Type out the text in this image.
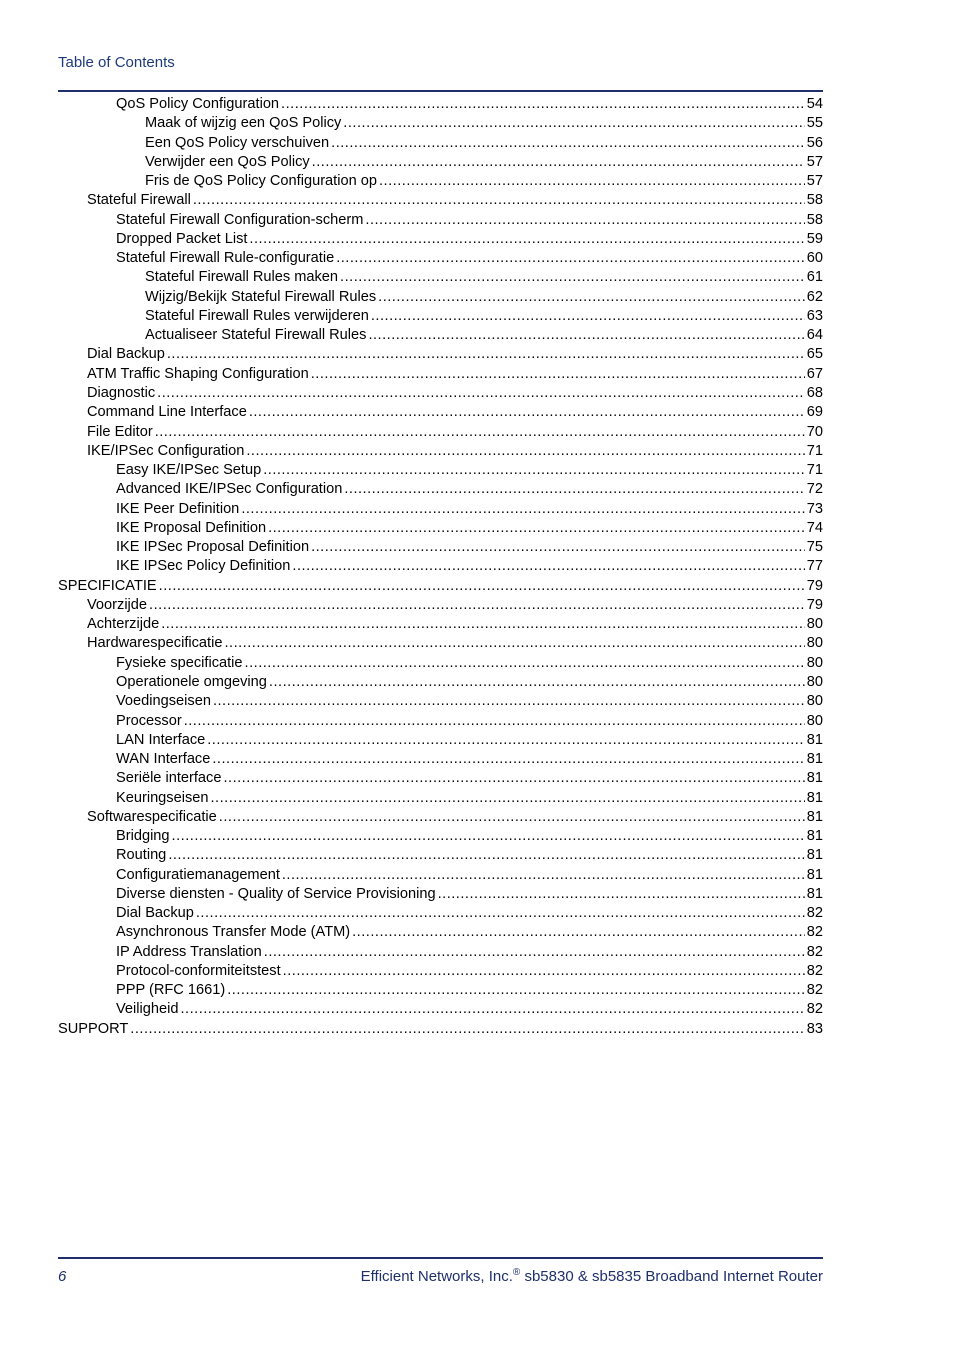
Table of Contents
QoS Policy Configuration .....	54
Maak of wijzig een QoS Policy .....	55
Een QoS Policy verschuiven .....	56
Verwijder een QoS Policy .....	57
Fris de QoS Policy Configuration op .....	57
Stateful Firewall .....	58
Stateful Firewall Configuration-scherm .....	58
Dropped Packet List .....	59
Stateful Firewall Rule-configuratie .....	60
Stateful Firewall Rules maken .....	61
Wijzig/Bekijk Stateful Firewall Rules .....	62
Stateful Firewall Rules verwijderen .....	63
Actualiseer Stateful Firewall Rules .....	64
Dial Backup .....	65
ATM Traffic Shaping Configuration .....	67
Diagnostic .....	68
Command Line Interface .....	69
File Editor .....	70
IKE/IPSec Configuration .....	71
Easy IKE/IPSec Setup .....	71
Advanced IKE/IPSec Configuration .....	72
IKE Peer Definition .....	73
IKE Proposal Definition .....	74
IKE IPSec Proposal Definition .....	75
IKE IPSec Policy Definition .....	77
SPECIFICATIE .....	79
Voorzijde .....	79
Achterzijde .....	80
Hardwarespecificatie .....	80
Fysieke specificatie .....	80
Operationele omgeving .....	80
Voedingseisen .....	80
Processor .....	80
LAN Interface .....	81
WAN Interface .....	81
Seriële interface .....	81
Keuringseisen .....	81
Softwarespecificatie .....	81
Bridging .....	81
Routing .....	81
Configuratiemanagement .....	81
Diverse diensten - Quality of Service Provisioning .....	81
Dial Backup .....	82
Asynchronous Transfer Mode (ATM) .....	82
IP Address Translation .....	82
Protocol-conformiteitstest .....	82
PPP (RFC 1661) .....	82
Veiligheid .....	82
SUPPORT .....	83
6	Efficient Networks, Inc.® sb5830 & sb5835 Broadband Internet Router
